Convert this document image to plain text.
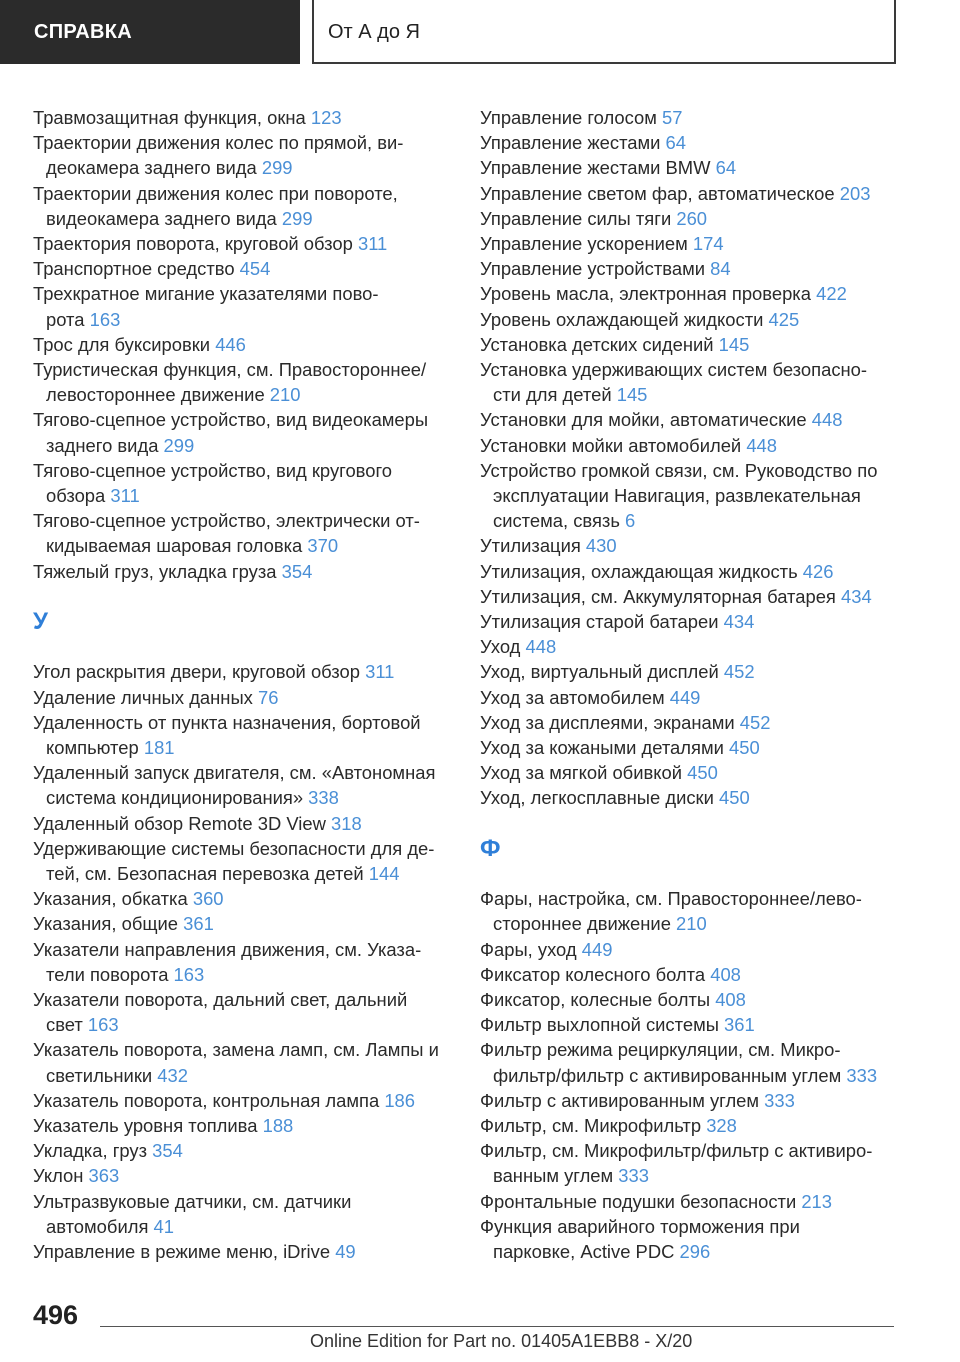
СПРАВКА	От А до Я
Травмозащитная функция, окна 123
Траектории движения колес по прямой, ви-
деокамера заднего вида 299
Траектории движения колес при повороте,
видеокамера заднего вида 299
Траектория поворота, круговой обзор 311
Транспортное средство 454
Трехкратное мигание указателями пово-
рота 163
Трос для буксировки 446
Туристическая функция, см. Правостороннее/
левостороннее движение 210
Тягово-сцепное устройство, вид видеокамеры
заднего вида 299
Тягово-сцепное устройство, вид кругового
обзора 311
Тягово-сцепное устройство, электрически от-
кидываемая шаровая головка 370
Тяжелый груз, укладка груза 354
У
Угол раскрытия двери, круговой обзор 311
Удаление личных данных 76
Удаленность от пункта назначения, бортовой
компьютер 181
Удаленный запуск двигателя, см. «Автономная
система кондиционирования» 338
Удаленный обзор Remote 3D View 318
Удерживающие системы безопасности для де-
тей, см. Безопасная перевозка детей 144
Указания, обкатка 360
Указания, общие 361
Указатели направления движения, см. Указа-
тели поворота 163
Указатели поворота, дальний свет, дальний
свет 163
Указатель поворота, замена ламп, см. Лампы и
светильники 432
Указатель поворота, контрольная лампа 186
Указатель уровня топлива 188
Укладка, груз 354
Уклон 363
Ультразвуковые датчики, см. датчики
автомобиля 41
Управление в режиме меню, iDrive 49
Управление голосом 57
Управление жестами 64
Управление жестами BMW 64
Управление светом фар, автоматическое 203
Управление силы тяги 260
Управление ускорением 174
Управление устройствами 84
Уровень масла, электронная проверка 422
Уровень охлаждающей жидкости 425
Установка детских сидений 145
Установка удерживающих систем безопасно-
сти для детей 145
Установки для мойки, автоматические 448
Установки мойки автомобилей 448
Устройство громкой связи, см. Руководство по
эксплуатации Навигация, развлекательная
система, связь 6
Утилизация 430
Утилизация, охлаждающая жидкость 426
Утилизация, см. Аккумуляторная батарея 434
Утилизация старой батареи 434
Уход 448
Уход, виртуальный дисплей 452
Уход за автомобилем 449
Уход за дисплеями, экранами 452
Уход за кожаными деталями 450
Уход за мягкой обивкой 450
Уход, легкосплавные диски 450
Ф
Фары, настройка, см. Правостороннее/лево-
стороннее движение 210
Фары, уход 449
Фиксатор колесного болта 408
Фиксатор, колесные болты 408
Фильтр выхлопной системы 361
Фильтр режима рециркуляции, см. Микро-
фильтр/фильтр с активированным углем 333
Фильтр с активированным углем 333
Фильтр, см. Микрофильтр 328
Фильтр, см. Микрофильтр/фильтр с активиро-
ванным углем 333
Фронтальные подушки безопасности 213
Функция аварийного торможения при
парковке, Active PDC 296
496
Online Edition for Part no. 01405A1EBB8 - X/20
